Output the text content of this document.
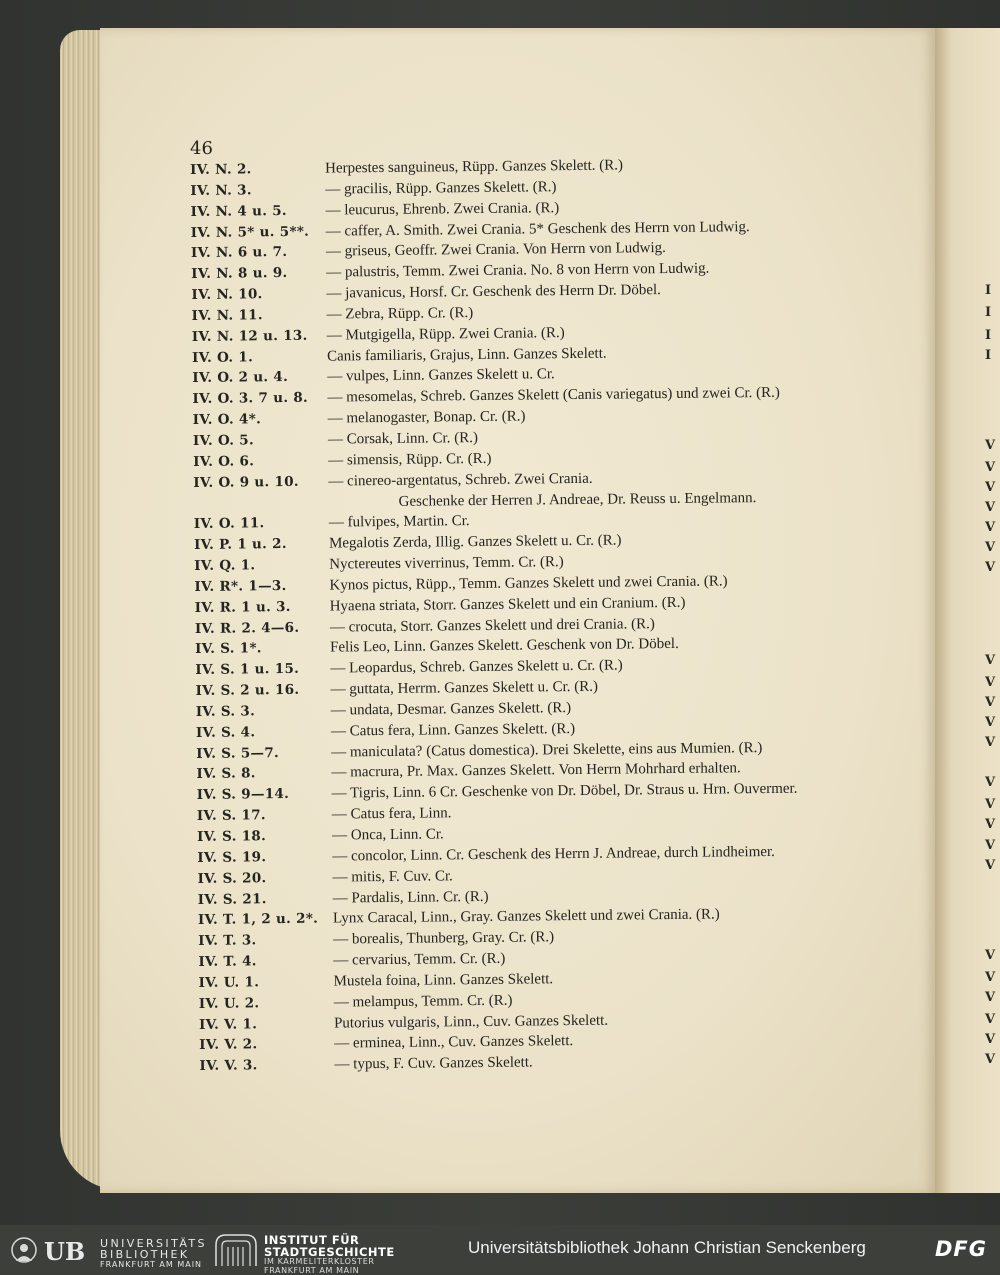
I
I
I
I
V
V
V
V
V
V
V
V
V
V
V
V
V
V
V
V
V
V
V
V
V
V
V
46
IV. N. 2.	Herpestes sanguineus, Rüpp. Ganzes Skelett. (R.)
IV. N. 3.	— gracilis, Rüpp. Ganzes Skelett. (R.)
IV. N. 4 u. 5.	— leucurus, Ehrenb. Zwei Crania. (R.)
IV. N. 5* u. 5**.	— caffer, A. Smith. Zwei Crania. 5* Geschenk des Herrn von Ludwig.
IV. N. 6 u. 7.	— griseus, Geoffr. Zwei Crania. Von Herrn von Ludwig.
IV. N. 8 u. 9.	— palustris, Temm. Zwei Crania. No. 8 von Herrn von Ludwig.
IV. N. 10.	— javanicus, Horsf. Cr. Geschenk des Herrn Dr. Döbel.
IV. N. 11.	— Zebra, Rüpp. Cr. (R.)
IV. N. 12 u. 13.	— Mutgigella, Rüpp. Zwei Crania. (R.)
IV. O. 1.	Canis familiaris, Grajus, Linn. Ganzes Skelett.
IV. O. 2 u. 4.	— vulpes, Linn. Ganzes Skelett u. Cr.
IV. O. 3. 7 u. 8.	— mesomelas, Schreb. Ganzes Skelett (Canis variegatus) und zwei Cr. (R.)
IV. O. 4*.	— melanogaster, Bonap. Cr. (R.)
IV. O. 5.	— Corsak, Linn. Cr. (R.)
IV. O. 6.	— simensis, Rüpp. Cr. (R.)
IV. O. 9 u. 10.	— cinereo-argentatus, Schreb. Zwei Crania.
Geschenke der Herren J. Andreae, Dr. Reuss u. Engelmann.
IV. O. 11.	— fulvipes, Martin. Cr.
IV. P. 1 u. 2.	Megalotis Zerda, Illig. Ganzes Skelett u. Cr. (R.)
IV. Q. 1.	Nyctereutes viverrinus, Temm. Cr. (R.)
IV. R*. 1—3.	Kynos pictus, Rüpp., Temm. Ganzes Skelett und zwei Crania. (R.)
IV. R. 1 u. 3.	Hyaena striata, Storr. Ganzes Skelett und ein Cranium. (R.)
IV. R. 2. 4—6.	— crocuta, Storr. Ganzes Skelett und drei Crania. (R.)
IV. S. 1*.	Felis Leo, Linn. Ganzes Skelett. Geschenk von Dr. Döbel.
IV. S. 1 u. 15.	— Leopardus, Schreb. Ganzes Skelett u. Cr. (R.)
IV. S. 2 u. 16.	— guttata, Herrm. Ganzes Skelett u. Cr. (R.)
IV. S. 3.	— undata, Desmar. Ganzes Skelett. (R.)
IV. S. 4.	— Catus fera, Linn. Ganzes Skelett. (R.)
IV. S. 5—7.	— maniculata? (Catus domestica). Drei Skelette, eins aus Mumien. (R.)
IV. S. 8.	— macrura, Pr. Max. Ganzes Skelett. Von Herrn Mohrhard erhalten.
IV. S. 9—14.	— Tigris, Linn. 6 Cr. Geschenke von Dr. Döbel, Dr. Straus u. Hrn. Ouvermer.
IV. S. 17.	— Catus fera, Linn.
IV. S. 18.	— Onca, Linn. Cr.
IV. S. 19.	— concolor, Linn. Cr. Geschenk des Herrn J. Andreae, durch Lindheimer.
IV. S. 20.	— mitis, F. Cuv. Cr.
IV. S. 21.	— Pardalis, Linn. Cr. (R.)
IV. T. 1, 2 u. 2*. Lynx Caracal, Linn., Gray. Ganzes Skelett und zwei Crania. (R.)
IV. T. 3.	— borealis, Thunberg, Gray. Cr. (R.)
IV. T. 4.	— cervarius, Temm. Cr. (R.)
IV. U. 1.	Mustela foina, Linn. Ganzes Skelett.
IV. U. 2.	— melampus, Temm. Cr. (R.)
IV. V. 1.	Putorius vulgaris, Linn., Cuv. Ganzes Skelett.
IV. V. 2.	— erminea, Linn., Cuv. Ganzes Skelett.
IV. V. 3.	— typus, F. Cuv. Ganzes Skelett.
UB UNIVERSITÄTS
BIBLIOTHEK
FRANKFURT AM MAIN
INSTITUT FÜR
STADTGESCHICHTE
IM KARMELITERKLOSTER
FRANKFURT AM MAIN
Universitätsbibliothek Johann Christian Senckenberg	DFG
